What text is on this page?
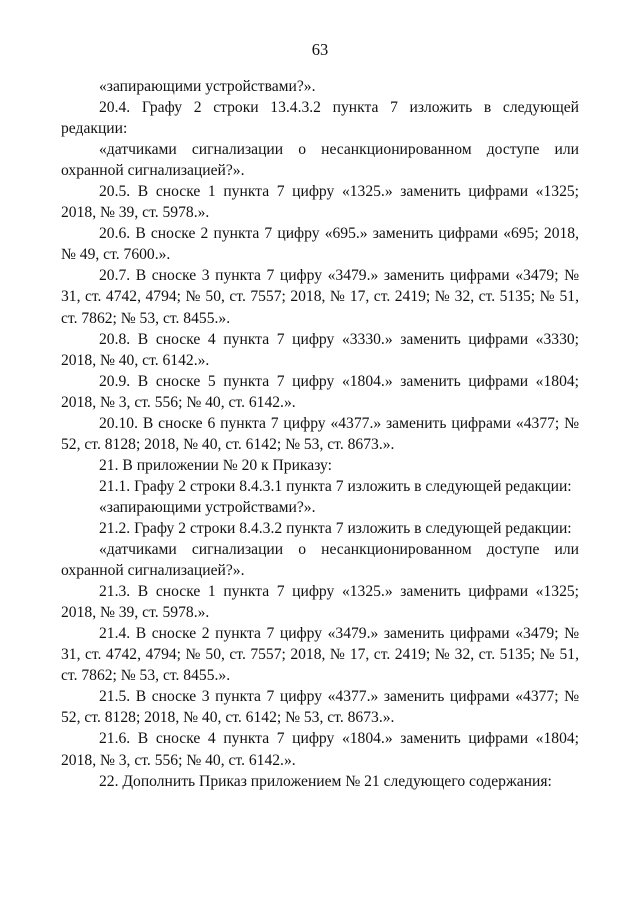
63

«запирающими устройствами?».

20.4. Графу 2 строки 13.4.3.2 пункта 7 изложить в следующей редакции:

«датчиками сигнализации о несанкционированном доступе или охранной сигнализацией?».

20.5. В сноске 1 пункта 7 цифру «1325.» заменить цифрами «1325; 2018, № 39, ст. 5978.».

20.6. В сноске 2 пункта 7 цифру «695.» заменить цифрами «695; 2018, № 49, ст. 7600.».

20.7. В сноске 3 пункта 7 цифру «3479.» заменить цифрами «3479; № 31, ст. 4742, 4794; № 50, ст. 7557; 2018, № 17, ст. 2419; № 32, ст. 5135; № 51, ст. 7862; № 53, ст. 8455.».

20.8. В сноске 4 пункта 7 цифру «3330.» заменить цифрами «3330; 2018, № 40, ст. 6142.».

20.9. В сноске 5 пункта 7 цифру «1804.» заменить цифрами «1804; 2018, № 3, ст. 556; № 40, ст. 6142.».

20.10. В сноске 6 пункта 7 цифру «4377.» заменить цифрами «4377; № 52, ст. 8128; 2018, № 40, ст. 6142; № 53, ст. 8673.».

21. В приложении № 20 к Приказу:

21.1. Графу 2 строки 8.4.3.1 пункта 7 изложить в следующей редакции:

«запирающими устройствами?».

21.2. Графу 2 строки 8.4.3.2 пункта 7 изложить в следующей редакции:

«датчиками сигнализации о несанкционированном доступе или охранной сигнализацией?».

21.3. В сноске 1 пункта 7 цифру «1325.» заменить цифрами «1325; 2018, № 39, ст. 5978.».

21.4. В сноске 2 пункта 7 цифру «3479.» заменить цифрами «3479; № 31, ст. 4742, 4794; № 50, ст. 7557; 2018, № 17, ст. 2419; № 32, ст. 5135; № 51, ст. 7862; № 53, ст. 8455.».

21.5. В сноске 3 пункта 7 цифру «4377.» заменить цифрами «4377; № 52, ст. 8128; 2018, № 40, ст. 6142; № 53, ст. 8673.».

21.6. В сноске 4 пункта 7 цифру «1804.» заменить цифрами «1804; 2018, № 3, ст. 556; № 40, ст. 6142.».

22. Дополнить Приказ приложением № 21 следующего содержания:
